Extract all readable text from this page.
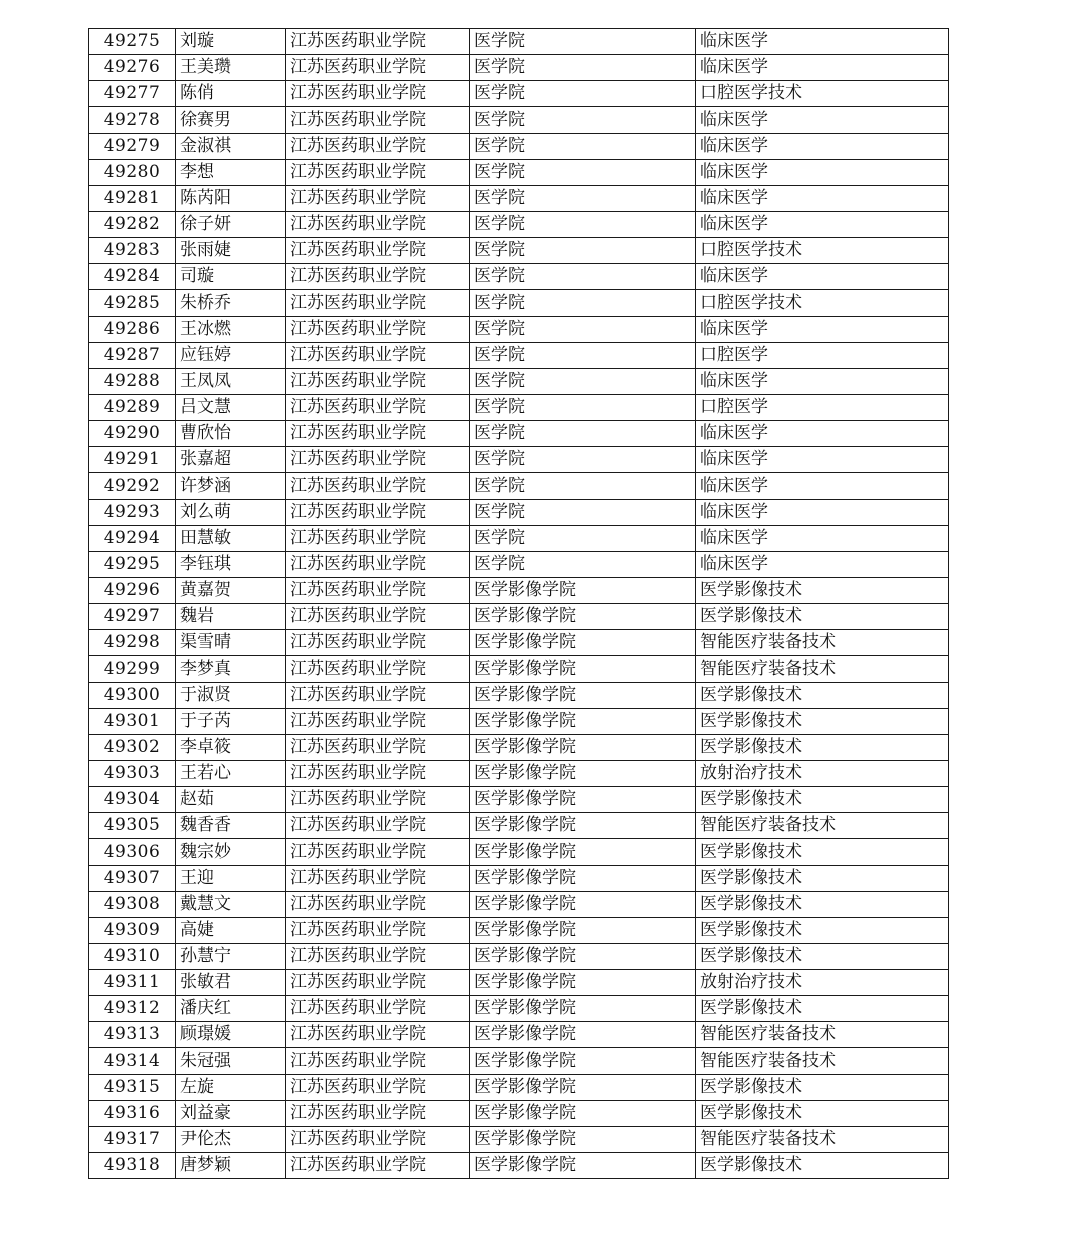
49275	刘璇	江苏医药职业学院	医学院	临床医学
49276	王美瓒	江苏医药职业学院	医学院	临床医学
49277	陈俏	江苏医药职业学院	医学院	口腔医学技术
49278	徐赛男	江苏医药职业学院	医学院	临床医学
49279	金淑祺	江苏医药职业学院	医学院	临床医学
49280	李想	江苏医药职业学院	医学院	临床医学
49281	陈芮阳	江苏医药职业学院	医学院	临床医学
49282	徐子妍	江苏医药职业学院	医学院	临床医学
49283	张雨婕	江苏医药职业学院	医学院	口腔医学技术
49284	司璇	江苏医药职业学院	医学院	临床医学
49285	朱桥乔	江苏医药职业学院	医学院	口腔医学技术
49286	王冰燃	江苏医药职业学院	医学院	临床医学
49287	应钰婷	江苏医药职业学院	医学院	口腔医学
49288	王凤凤	江苏医药职业学院	医学院	临床医学
49289	吕文慧	江苏医药职业学院	医学院	口腔医学
49290	曹欣怡	江苏医药职业学院	医学院	临床医学
49291	张嘉超	江苏医药职业学院	医学院	临床医学
49292	许梦涵	江苏医药职业学院	医学院	临床医学
49293	刘么萌	江苏医药职业学院	医学院	临床医学
49294	田慧敏	江苏医药职业学院	医学院	临床医学
49295	李钰琪	江苏医药职业学院	医学院	临床医学
49296	黄嘉贺	江苏医药职业学院	医学影像学院	医学影像技术
49297	魏岩	江苏医药职业学院	医学影像学院	医学影像技术
49298	渠雪晴	江苏医药职业学院	医学影像学院	智能医疗装备技术
49299	李梦真	江苏医药职业学院	医学影像学院	智能医疗装备技术
49300	于淑贤	江苏医药职业学院	医学影像学院	医学影像技术
49301	于子芮	江苏医药职业学院	医学影像学院	医学影像技术
49302	李卓筱	江苏医药职业学院	医学影像学院	医学影像技术
49303	王若心	江苏医药职业学院	医学影像学院	放射治疗技术
49304	赵茹	江苏医药职业学院	医学影像学院	医学影像技术
49305	魏香香	江苏医药职业学院	医学影像学院	智能医疗装备技术
49306	魏宗妙	江苏医药职业学院	医学影像学院	医学影像技术
49307	王迎	江苏医药职业学院	医学影像学院	医学影像技术
49308	戴慧文	江苏医药职业学院	医学影像学院	医学影像技术
49309	高婕	江苏医药职业学院	医学影像学院	医学影像技术
49310	孙慧宁	江苏医药职业学院	医学影像学院	医学影像技术
49311	张敏君	江苏医药职业学院	医学影像学院	放射治疗技术
49312	潘庆红	江苏医药职业学院	医学影像学院	医学影像技术
49313	顾璟媛	江苏医药职业学院	医学影像学院	智能医疗装备技术
49314	朱冠强	江苏医药职业学院	医学影像学院	智能医疗装备技术
49315	左旋	江苏医药职业学院	医学影像学院	医学影像技术
49316	刘益豪	江苏医药职业学院	医学影像学院	医学影像技术
49317	尹伦杰	江苏医药职业学院	医学影像学院	智能医疗装备技术
49318	唐梦颖	江苏医药职业学院	医学影像学院	医学影像技术
